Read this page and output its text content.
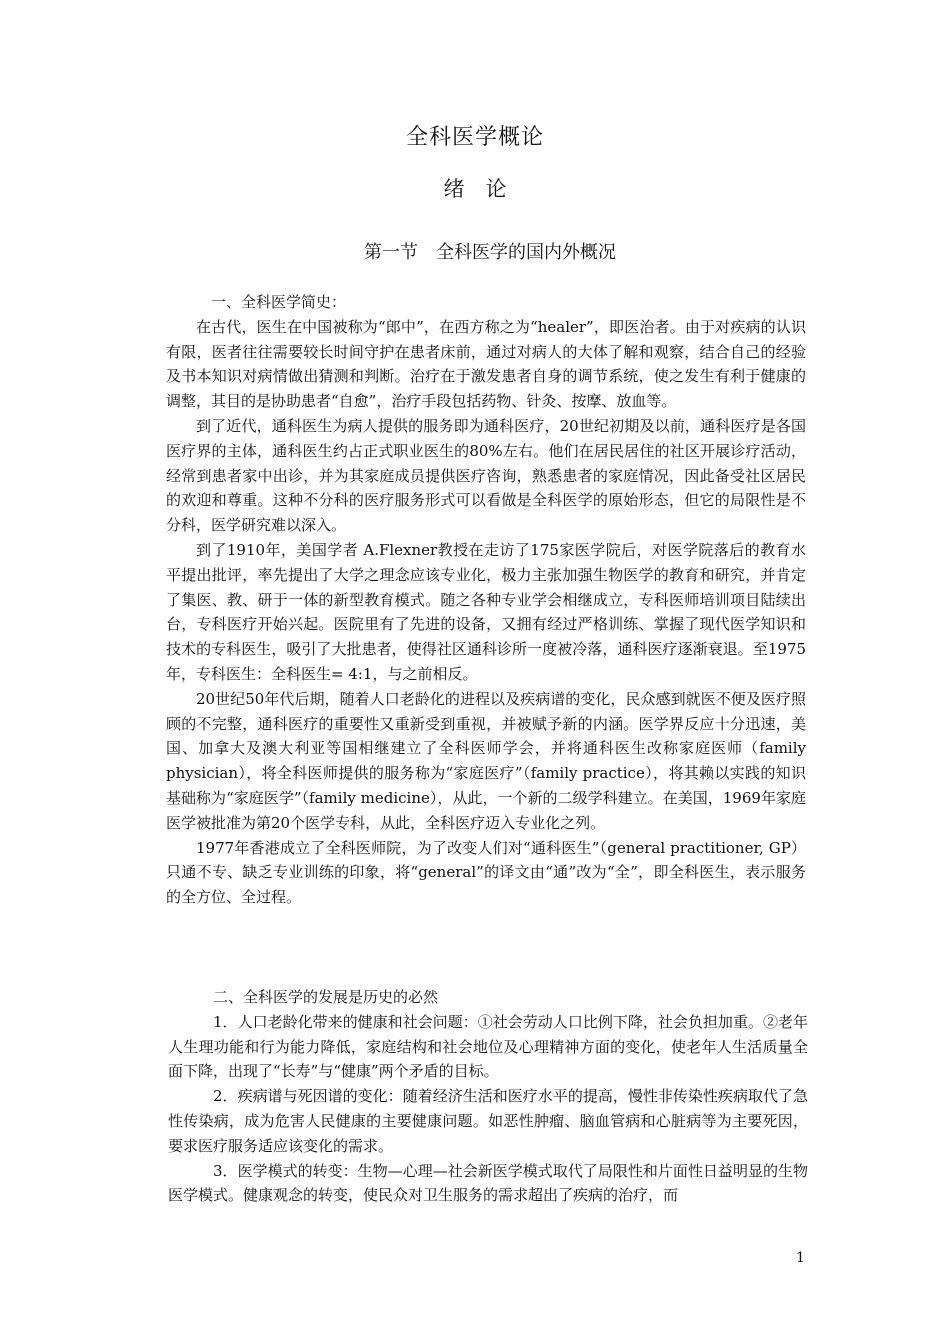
全科医学概论
绪　论
第一节　全科医学的国内外概况

一、全科医学简史：

在古代，医生在中国被称为“郎中”，在西方称之为“healer”，即医治者。由于对疾病的认识有限，医者往往需要较长时间守护在患者床前，通过对病人的大体了解和观察，结合自己的经验及书本知识对病情做出猜测和判断。治疗在于激发患者自身的调节系统，使之发生有利于健康的调整，其目的是协助患者“自愈”，治疗手段包括药物、针灸、按摩、放血等。

到了近代，通科医生为病人提供的服务即为通科医疗，20世纪初期及以前，通科医疗是各国医疗界的主体，通科医生约占正式职业医生的80%左右。他们在居民居住的社区开展诊疗活动，经常到患者家中出诊，并为其家庭成员提供医疗咨询，熟悉患者的家庭情况，因此备受社区居民的欢迎和尊重。这种不分科的医疗服务形式可以看做是全科医学的原始形态，但它的局限性是不分科，医学研究难以深入。

到了1910年，美国学者 A.Flexner教授在走访了175家医学院后，对医学院落后的教育水平提出批评，率先提出了大学之理念应该专业化，极力主张加强生物医学的教育和研究，并肯定了集医、教、研于一体的新型教育模式。随之各种专业学会相继成立，专科医师培训项目陆续出台，专科医疗开始兴起。医院里有了先进的设备，又拥有经过严格训练、掌握了现代医学知识和技术的专科医生，吸引了大批患者，使得社区通科诊所一度被冷落，通科医疗逐渐衰退。至1975年，专科医生：全科医生= 4:1，与之前相反。

20世纪50年代后期，随着人口老龄化的进程以及疾病谱的变化，民众感到就医不便及医疗照顾的不完整，通科医疗的重要性又重新受到重视，并被赋予新的内涵。医学界反应十分迅速，美国、加拿大及澳大利亚等国相继建立了全科医师学会，并将通科医生改称家庭医师（family physician），将全科医师提供的服务称为“家庭医疗”（family practice），将其赖以实践的知识基础称为“家庭医学”（family medicine），从此，一个新的二级学科建立。在美国，1969年家庭医学被批准为第20个医学专科，从此，全科医疗迈入专业化之列。

1977年香港成立了全科医师院，为了改变人们对“通科医生”（general practitioner, GP）只通不专、缺乏专业训练的印象，将“general”的译文由“通”改为“全”，即全科医生，表示服务的全方位、全过程。

二、全科医学的发展是历史的必然

1．人口老龄化带来的健康和社会问题：①社会劳动人口比例下降，社会负担加重。②老年人生理功能和行为能力降低，家庭结构和社会地位及心理精神方面的变化，使老年人生活质量全面下降，出现了“长寿”与“健康”两个矛盾的目标。

2．疾病谱与死因谱的变化：随着经济生活和医疗水平的提高，慢性非传染性疾病取代了急性传染病，成为危害人民健康的主要健康问题。如恶性肿瘤、脑血管病和心脏病等为主要死因，要求医疗服务适应该变化的需求。

3．医学模式的转变：生物—心理—社会新医学模式取代了局限性和片面性日益明显的生物医学模式。健康观念的转变，使民众对卫生服务的需求超出了疾病的治疗，而

1
